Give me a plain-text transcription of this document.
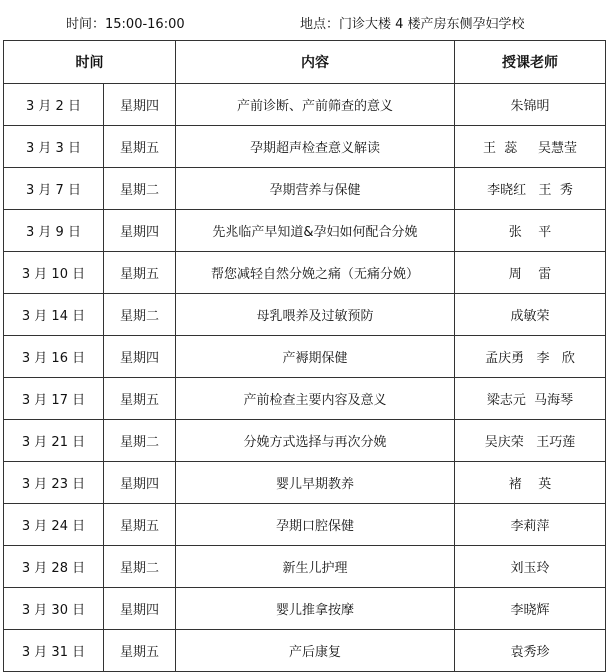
时间：15:00-16:00	地点：门诊大楼 4 楼产房东侧孕妇学校
时间		内容	授课老师
3 月 2 日	星期四	产前诊断、产前筛查的意义	朱锦明
3 月 3 日	星期五	孕期超声检查意义解读	王  蕊     吴慧莹
3 月 7 日	星期二	孕期营养与保健	李晓红   王  秀
3 月 9 日	星期四	先兆临产早知道&孕妇如何配合分娩	张    平
3 月 10 日	星期五	帮您减轻自然分娩之痛（无痛分娩）	周    雷
3 月 14 日	星期二	母乳喂养及过敏预防	成敏荣
3 月 16 日	星期四	产褥期保健	孟庆勇   李   欣
3 月 17 日	星期五	产前检查主要内容及意义	梁志元  马海琴
3 月 21 日	星期二	分娩方式选择与再次分娩	吴庆荣   王巧莲
3 月 23 日	星期四	婴儿早期教养	褚    英
3 月 24 日	星期五	孕期口腔保健	李莉萍
3 月 28 日	星期二	新生儿护理	刘玉玲
3 月 30 日	星期四	婴儿推拿按摩	李晓辉
3 月 31 日	星期五	产后康复	袁秀珍
